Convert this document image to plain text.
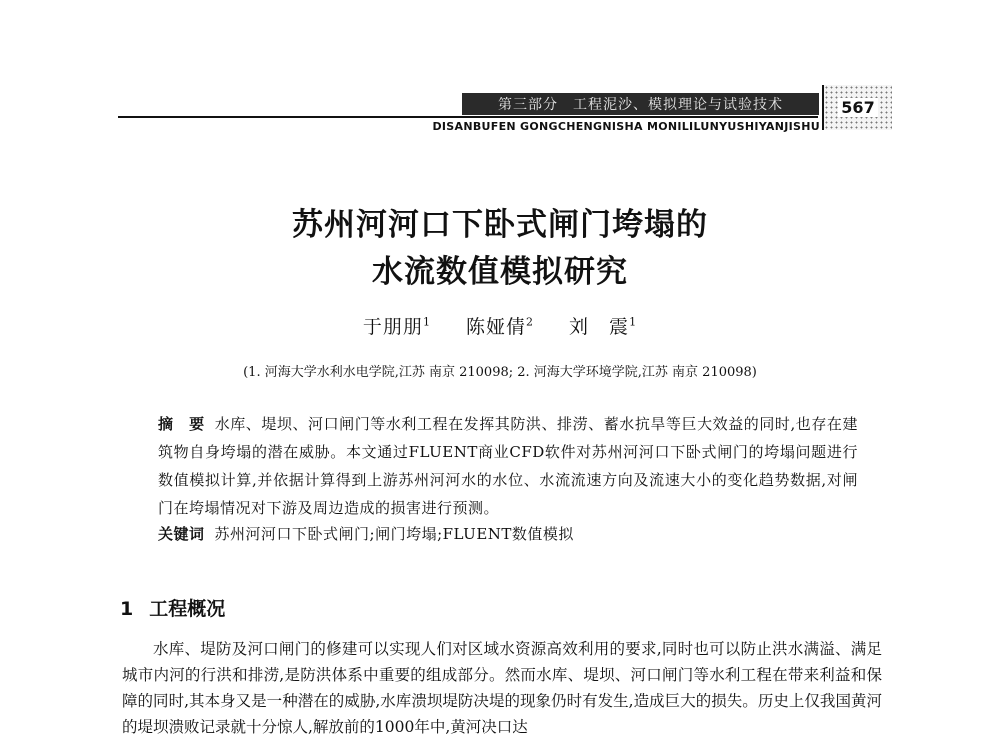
第三部分　工程泥沙、模拟理论与试验技术
DISANBUFEN GONGCHENGNISHA MONILILUNYUSHIYANJISHU
567
苏州河河口下卧式闸门垮塌的
水流数值模拟研究
于朋朋$^1$ 陈娅倩$^2$ 刘　震$^1$
(1. 河海大学水利水电学院,江苏 南京 210098; 2. 河海大学环境学院,江苏 南京 210098)
摘　要 水库、堤坝、河口闸门等水利工程在发挥其防洪、排涝、蓄水抗旱等巨大效益的同时,也存在建筑物自身垮塌的潜在威胁。本文通过FLUENT商业CFD软件对苏州河河口下卧式闸门的垮塌问题进行数值模拟计算,并依据计算得到上游苏州河河水的水位、水流流速方向及流速大小的变化趋势数据,对闸门在垮塌情况对下游及周边造成的损害进行预测。
关键词 苏州河河口下卧式闸门;闸门垮塌;FLUENT数值模拟
1 工程概况
水库、堤防及河口闸门的修建可以实现人们对区域水资源高效利用的要求,同时也可以防止洪水满溢、满足城市内河的行洪和排涝,是防洪体系中重要的组成部分。然而水库、堤坝、河口闸门等水利工程在带来利益和保障的同时,其本身又是一种潜在的威胁,水库溃坝堤防决堤的现象仍时有发生,造成巨大的损失。历史上仅我国黄河的堤坝溃败记录就十分惊人,解放前的1000年中,黄河决口达
